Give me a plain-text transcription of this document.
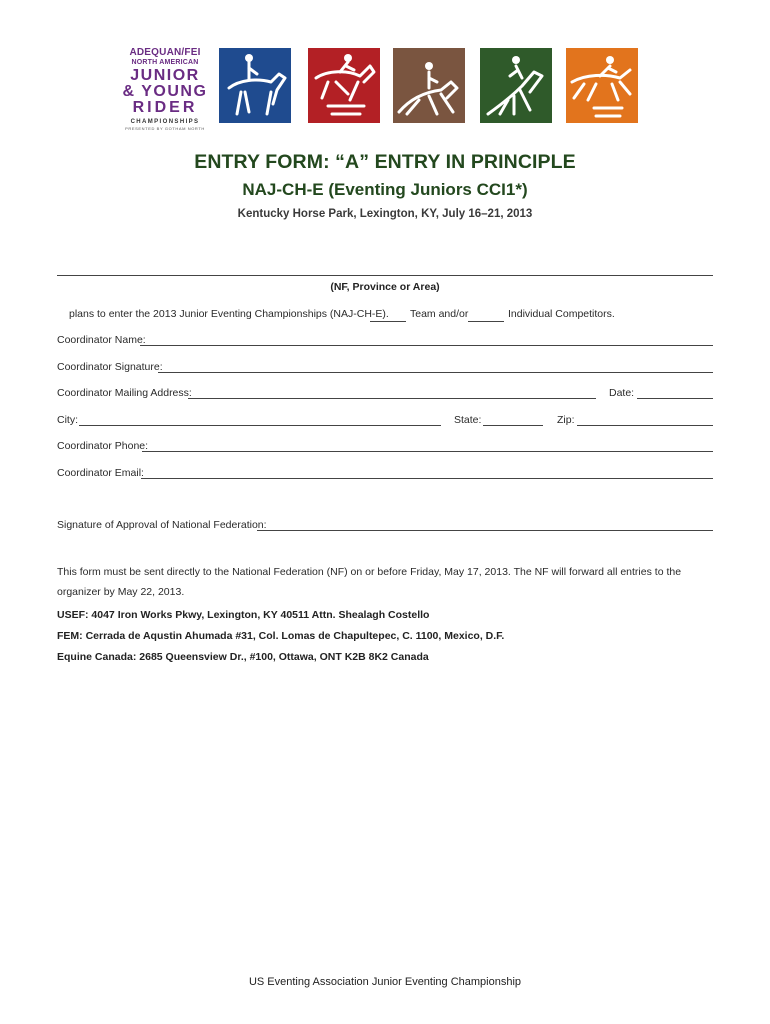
ADEQUAN/FEI
NORTH AMERICAN
JUNIOR
& YOUNG
RIDER
CHAMPIONSHIPS
PRESENTED BY GOTHAM NORTH
ENTRY FORM: “A” ENTRY IN PRINCIPLE
NAJ-CH-E (Eventing Juniors CCI1*)
Kentucky Horse Park, Lexington, KY, July 16–21, 2013
(NF, Province or Area)
plans to enter the 2013 Junior Eventing Championships (NAJ-CH-E). Team and/or	Individual Competitors.
Coordinator Name:
Coordinator Signature:
Coordinator Mailing Address:	Date:
City:	State:	Zip:
Coordinator Phone:
Coordinator Email:
Signature of Approval of National Federation:
This form must be sent directly to the National Federation (NF) on or before Friday, May 17, 2013. The NF will forward all entries to the organizer by May 22, 2013.
USEF: 4047 Iron Works Pkwy, Lexington, KY 40511 Attn. Shealagh Costello
FEM: Cerrada de Aqustin Ahumada #31, Col. Lomas de Chapultepec, C. 1100, Mexico, D.F.
Equine Canada: 2685 Queensview Dr., #100, Ottawa, ONT K2B 8K2 Canada
US Eventing Association Junior Eventing Championship
